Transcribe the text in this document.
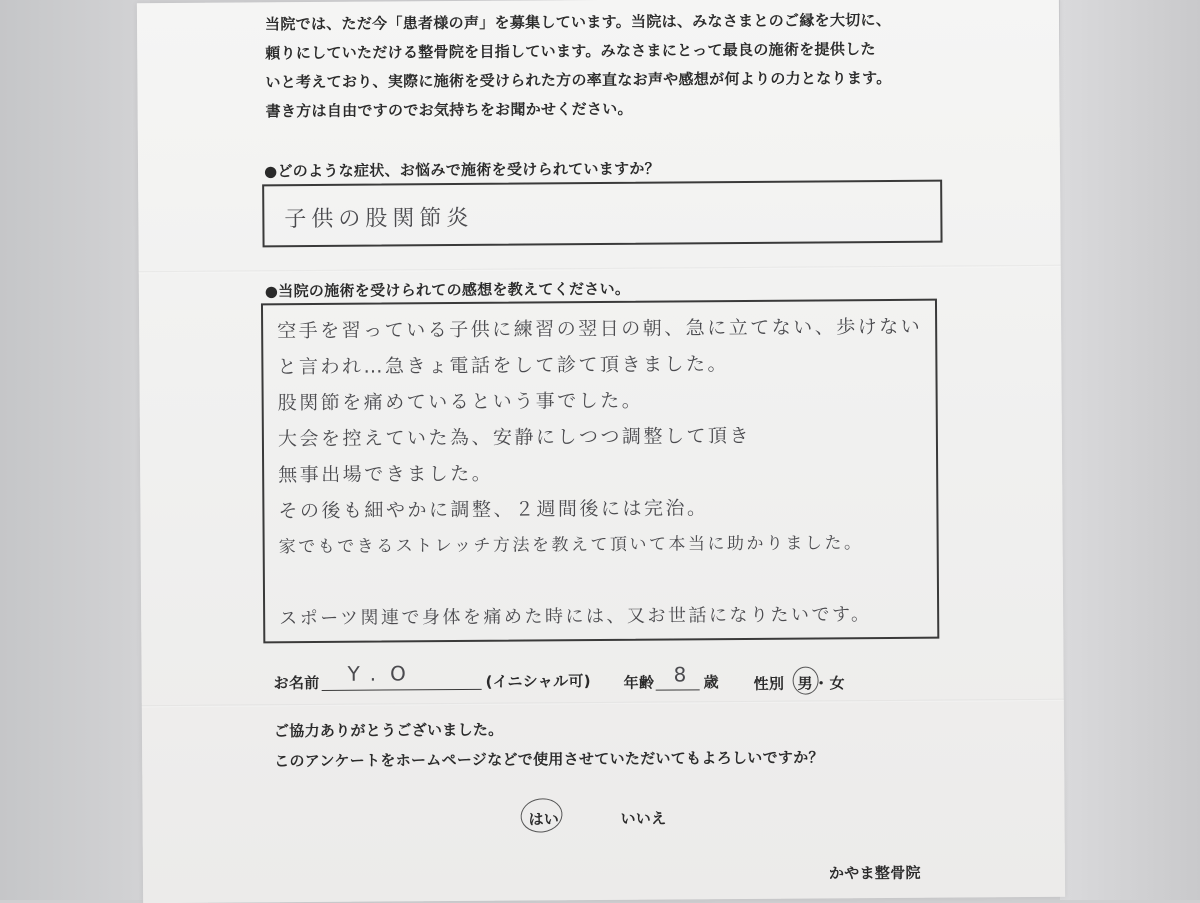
当院では、ただ今「患者様の声」を募集しています。当院は、みなさまとのご縁を大切に、

頼りにしていただける整骨院を目指しています。みなさまにとって最良の施術を提供した

いと考えており、実際に施術を受けられた方の率直なお声や感想が何よりの力となります。

書き方は自由ですのでお気持ちをお聞かせください。

●どのような症状、お悩みで施術を受けられていますか？
子供の股関節炎
●当院の施術を受けられての感想を教えてください。
空手を習っている子供に練習の翌日の朝、急に立てない、歩けない
と言われ…急きょ電話をして診て頂きました。
股関節を痛めているという事でした。
大会を控えていた為、安静にしつつ調整して頂き
無事出場できました。
その後も細やかに調整、２週間後には完治。
家でもできるストレッチ方法を教えて頂いて本当に助かりました。
スポーツ関連で身体を痛めた時には、又お世話になりたいです。
お名前 Y.O	(イニシャル可) 年齢 8 歳 性別 男 ・ 女
ご協力ありがとうございました。
このアンケートをホームページなどで使用させていただいてもよろしいですか？
はい	いいえ
かやま整骨院
